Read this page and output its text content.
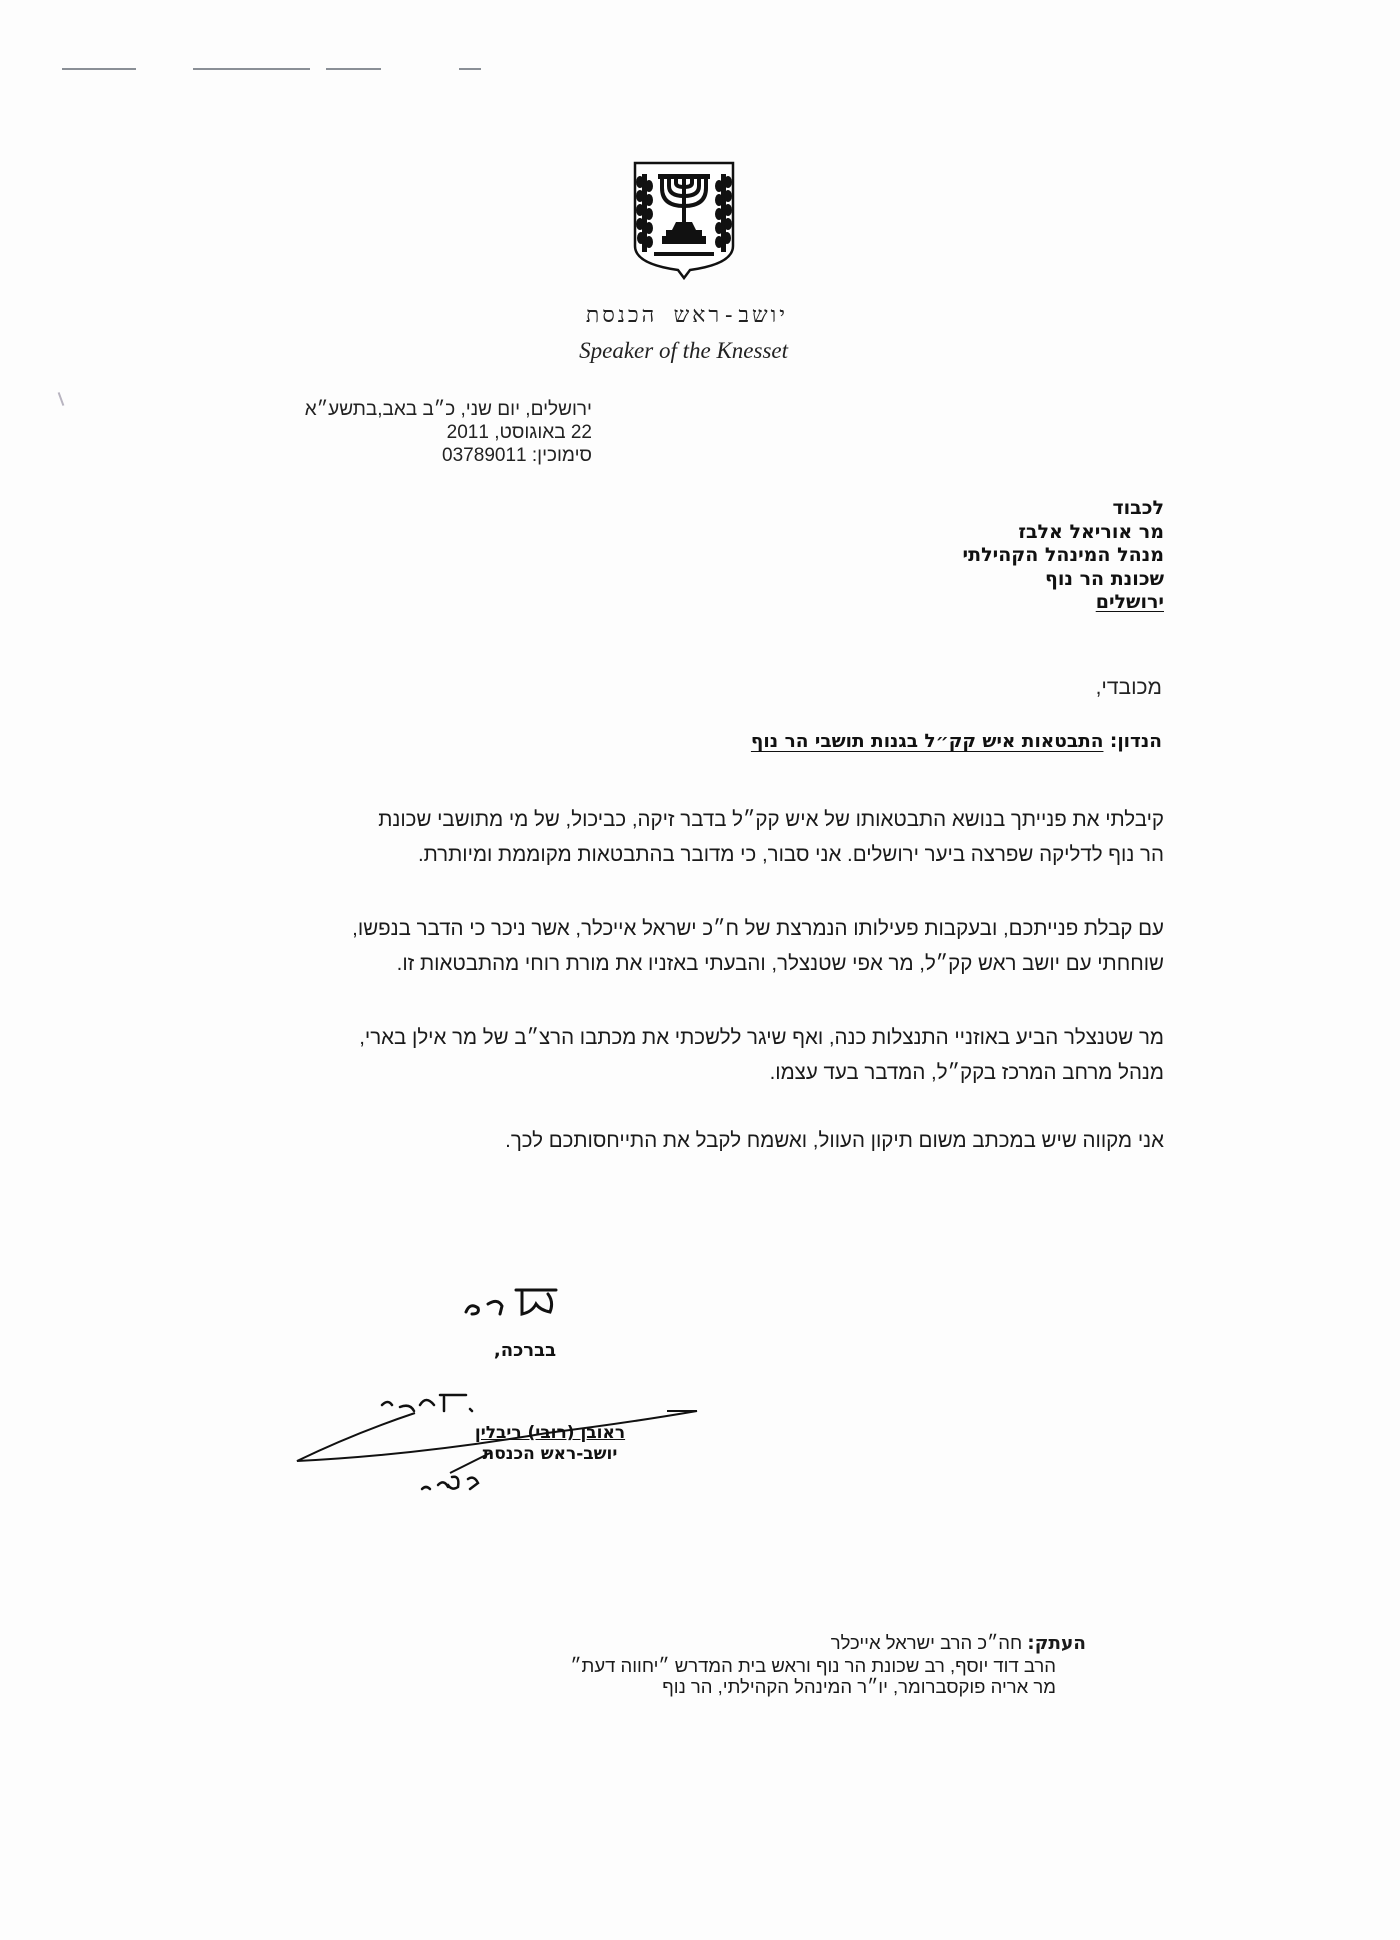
יושב-ראש הכנסת
Speaker of the Knesset
ירושלים, יום שני, כ״ב באב,בתשע״א
22 באוגוסט, 2011
סימוכין: 03789011
לכבוד
מר אוריאל אלבז
מנהל המינהל הקהילתי
שכונת הר נוף
ירושלים
מכובדי,
הנדון: התבטאות איש קק״ל בגנות תושבי הר נוף
קיבלתי את פנייתך בנושא התבטאותו של איש קק״ל בדבר זיקה, כביכול, של מי מתושבי שכונת
הר נוף לדליקה שפרצה ביער ירושלים. אני סבור, כי מדובר בהתבטאות מקוממת ומיותרת.
עם קבלת פנייתכם, ובעקבות פעילותו הנמרצת של ח״כ ישראל אייכלר, אשר ניכר כי הדבר בנפשו,
שוחחתי עם יושב ראש קק״ל, מר אפי שטנצלר, והבעתי באזניו את מורת רוחי מהתבטאות זו.
מר שטנצלר הביע באוזניי התנצלות כנה, ואף שיגר ללשכתי את מכתבו הרצ״ב של מר אילן בארי,
מנהל מרחב המרכז בקק״ל, המדבר בעד עצמו.
אני מקווה שיש במכתב משום תיקון העוול, ואשמח לקבל את התייחסותכם לכך.
בברכה,
ראובן (רובי) ריבלין
יושב-ראש הכנסת
העתק: חה״כ הרב ישראל אייכלר
הרב דוד יוסף, רב שכונת הר נוף וראש בית המדרש ״יחווה דעת״
מר אריה פוקסברומר, יו״ר המינהל הקהילתי, הר נוף
